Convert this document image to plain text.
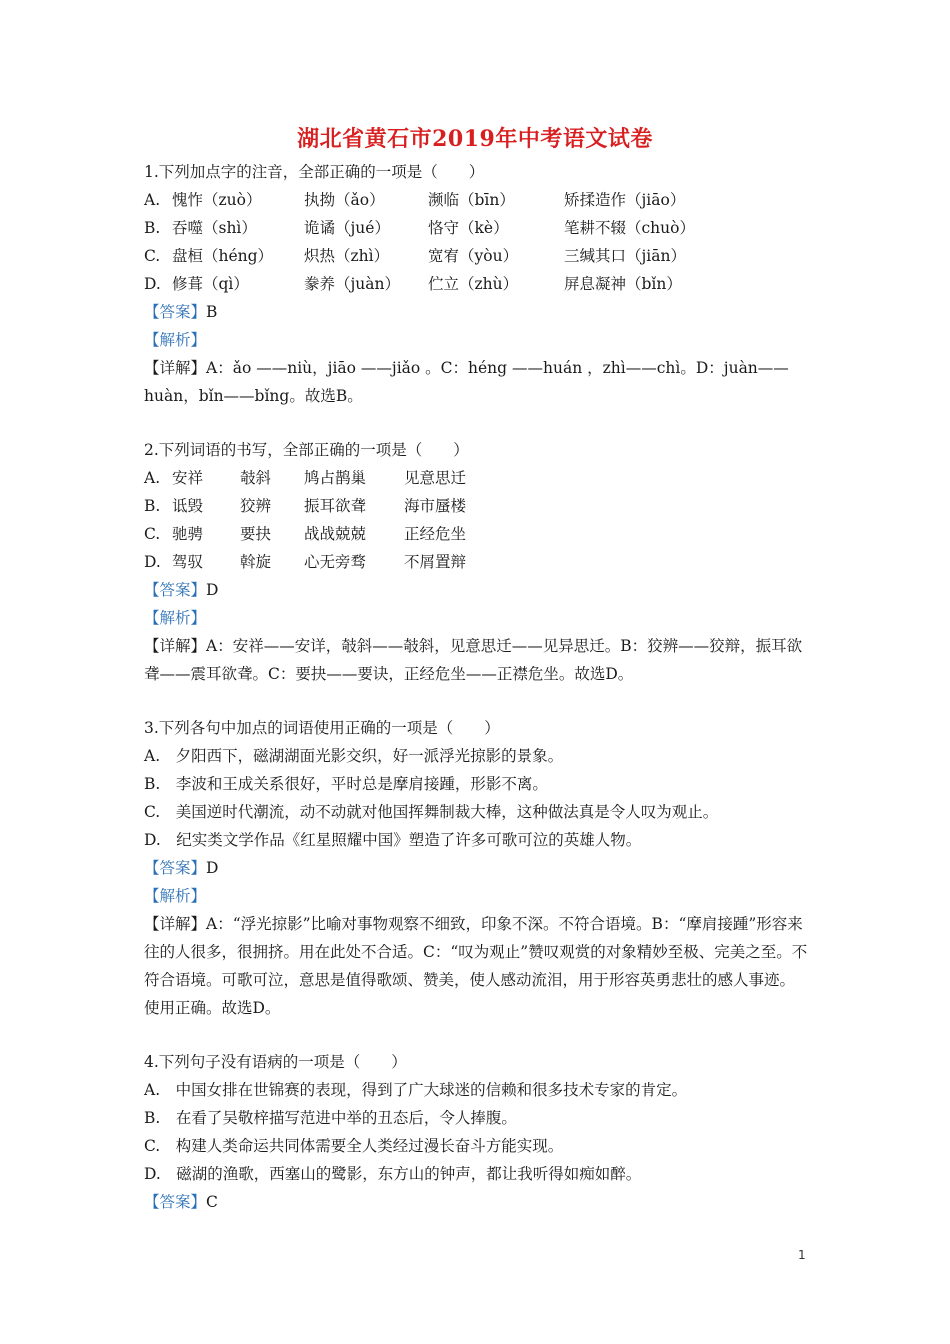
湖北省黄石市2019年中考语文试卷
1.下列加点字的注音，全部正确的一项是（　　）
A. 愧怍（zuò）	执拗（ǎo）	濒临（bīn）	矫揉造作（jiāo）
B. 吞噬（shì）	诡谲（jué） 恪守（kè）	笔耕不辍（chuò）
C. 盘桓（héng） 炽热（zhì）	宽宥（yòu）	三缄其口（jiān）
D. 修葺（qì）	豢养（juàn） 伫立（zhù）	屏息凝神（bǐn）
【答案】B
【解析】
【详解】A：ǎo ——niù，jiāo ——jiǎo 。C：héng ——huán ，zhì——chì。D：juàn——huàn，bǐn——bǐng。故选B。
2.下列词语的书写，全部正确的一项是（　　）
A. 安祥 攲斜 鸠占鹊巢 见意思迁
B. 诋毁 狡辨 振耳欲聋 海市蜃楼
C. 驰骋 要抉 战战兢兢 正经危坐
D. 驾驭 斡旋 心无旁骛 不屑置辩
【答案】D
【解析】
【详解】A：安祥——安详，攲斜——攲斜，见意思迁——见异思迁。B：狡辨——狡辩，振耳欲聋——震耳欲聋。C：要抉——要诀，正经危坐——正襟危坐。故选D。
3.下列各句中加点的词语使用正确的一项是（　　）
A.　夕阳西下，磁湖湖面光影交织，好一派浮光掠影的景象。
B.　李波和王成关系很好，平时总是摩肩接踵，形影不离。
C.　美国逆时代潮流，动不动就对他国挥舞制裁大棒，这种做法真是令人叹为观止。
D.　纪实类文学作品《红星照耀中国》塑造了许多可歌可泣的英雄人物。
【答案】D
【解析】
【详解】A：“浮光掠影”比喻对事物观察不细致，印象不深。不符合语境。B：“摩肩接踵”形容来往的人很多，很拥挤。用在此处不合适。C：“叹为观止”赞叹观赏的对象精妙至极、完美之至。不符合语境。可歌可泣，意思是值得歌颂、赞美，使人感动流泪，用于形容英勇悲壮的感人事迹。使用正确。故选D。
4.下列句子没有语病的一项是（　　）
A.　中国女排在世锦赛的表现，得到了广大球迷的信赖和很多技术专家的肯定。
B.　在看了吴敬梓描写范进中举的丑态后，令人捧腹。
C.　构建人类命运共同体需要全人类经过漫长奋斗方能实现。
D.　磁湖的渔歌，西塞山的鹭影，东方山的钟声，都让我听得如痴如醉。
【答案】C
1
